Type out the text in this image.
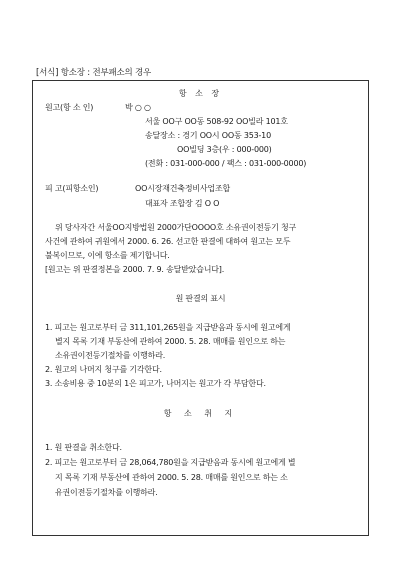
[서식] 항소장 : 전부패소의 경우
항 소 장
원고(항 소 인)	박 ○ ○
서울 OO구 OO동 508-92 OO빌라 101호
송달장소 : 경기 OO시 OO동 353-10
OO빌딩 3층(우 : 000-000)
(전화 : 031-000-000 / 팩스 : 031-000-0000)
피 고(피항소인)	OO시장재건축정비사업조합
대표자 조합장 김 O O
위 당사자간 서울OO지방법원 2000가단OOOO호 소유권이전등기 청구
사건에 관하여 귀원에서 2000. 6. 26. 선고한 판결에 대하여 원고는 모두
불복이므로, 이에 항소를 제기합니다.
[원고는 위 판결정본을 2000. 7. 9. 송달받았습니다].
원 판결의 표시
1. 피고는 원고로부터 금 311,101,265원을 지급받음과 동시에 원고에게
별지 목록 기재 부동산에 관하여 2000. 5. 28. 매매를 원인으로 하는
소유권이전등기절차를 이행하라.
2. 원고의 나머지 청구를 기각한다.
3. 소송비용 중 10분의 1은 피고가, 나머지는 원고가 각 부담한다.
항 소 취 지
1. 원 판결을 취소한다.
2. 피고는 원고로부터 금 28,064,780원을 지급받음과 동시에 원고에게 별
지 목록 기재 부동산에 관하여 2000. 5. 28. 매매를 원인으로 하는 소
유권이전등기절차를 이행하라.
